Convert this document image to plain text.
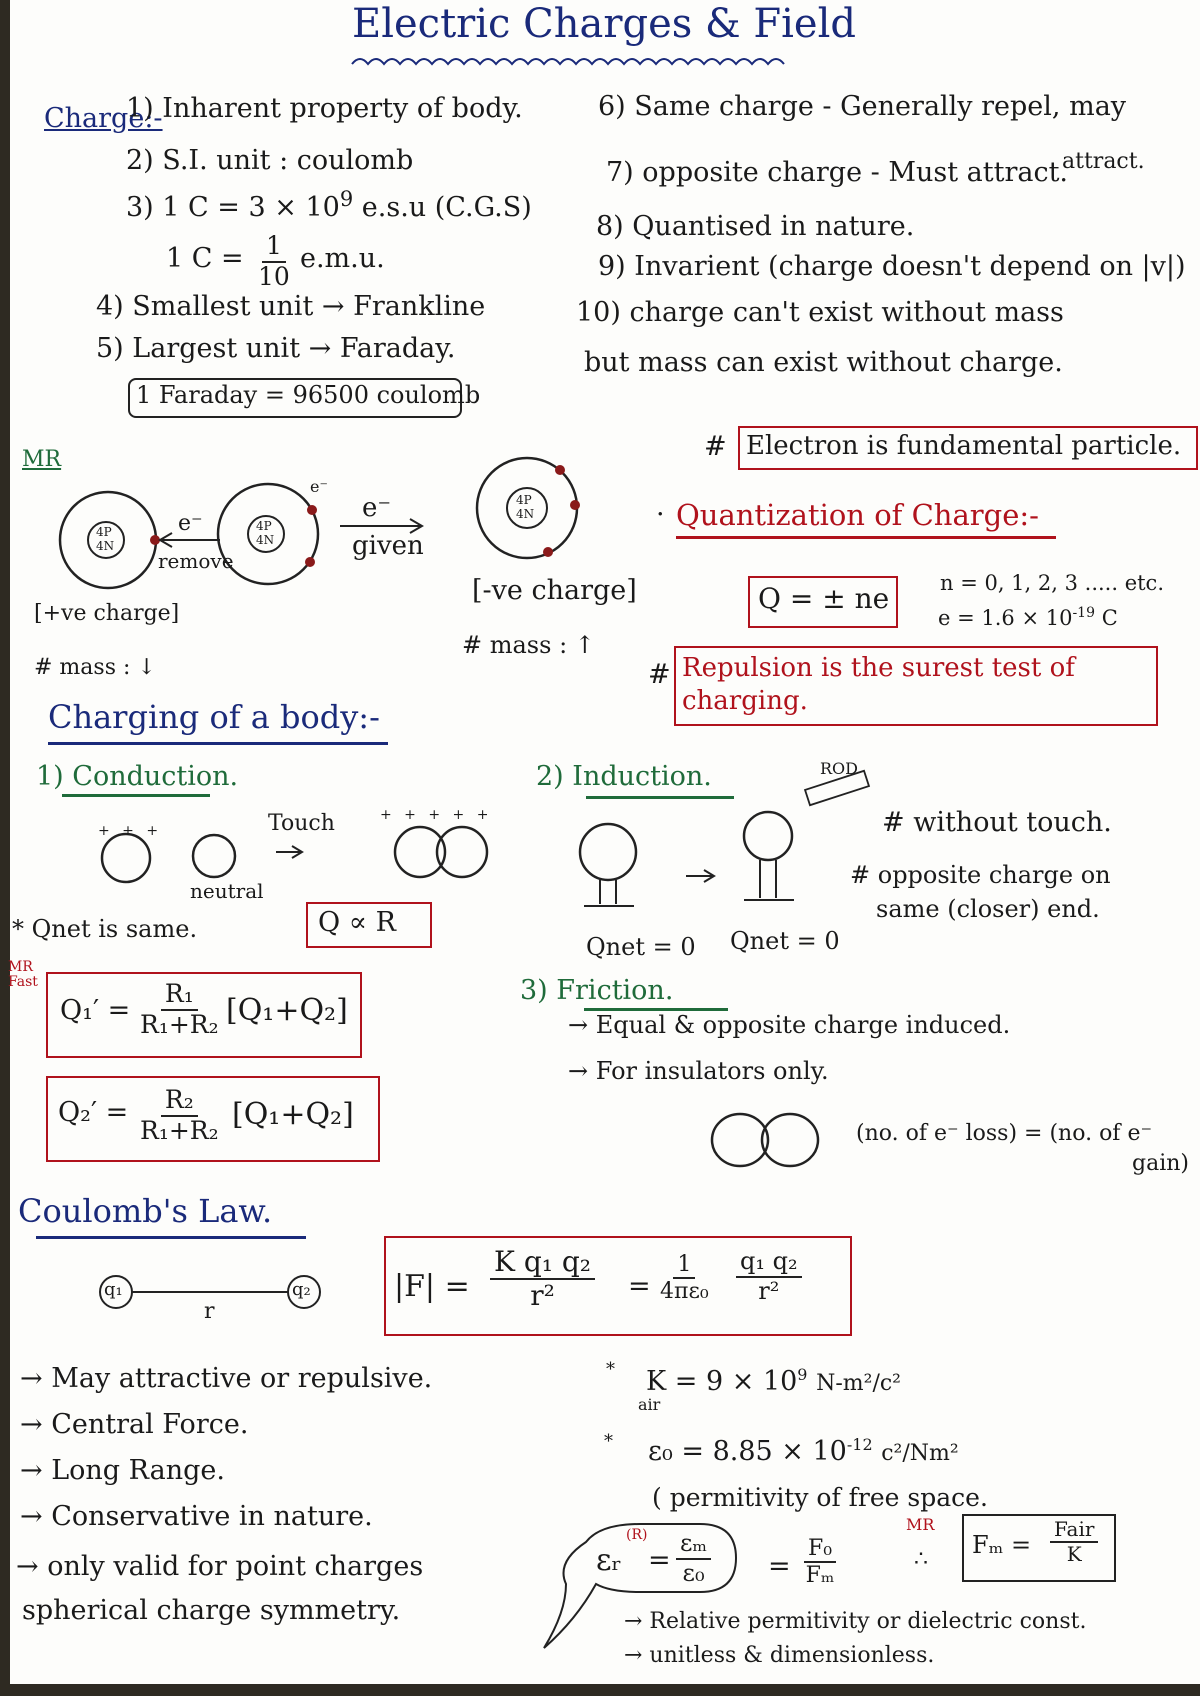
Electric Charges & Field
Charge:-
1) Inharent property of body.
2) S.I. unit : coulomb
3) 1 $C = 3 \times 10^9$ e.s.u (C.G.S)
1 $C = \frac{1}{10} e.m.u$.
4) Smallest unit → Frankline
5) Largest unit → Faraday.
1 Faraday = 96500 coulomb
6) Same charge - Generally repel, may
attract.
7) opposite charge - Must attract.
8) Quantised in nature.
9) Invarient (charge doesn't depend on |v|)
10) charge can't exist without mass
but mass can exist without charge.
MR	# Electron is fundamental particle.
4P
4N
4P
4N
4P
4N
e⁻
e⁻
remove
e⁻
given
[+ve charge]
[-ve charge]
# mass : ↓
# mass : ↑
Quantization of Charge:-
·
Q = ± ne n = 0, 1, 2, 3 ..... etc.
$e = 1.6 \times 10^{-19}$ C
# Repulsion is the surest test of charging.
Charging of a body:-
1) Conduction.
+ + +
+ + + + +
Touch
neutral
* Qnet is same.	Q ∝ R
MR Fast
$Q_1' = \frac{\text{R₁}}{\text{R₁+R₂}} [Q_1+Q_2]$
$Q_2' = \frac{\text{R₂}}{\text{R₁+R₂}} [Q_1+Q_2]$
2) Induction.	ROD
Qnet = 0 Qnet = 0
# without touch.
# opposite charge on
same (closer) end.
3) Friction.
→ Equal & opposite charge induced.
→ For insulators only.
(no. of e⁻ loss) = (no. of e⁻
gain)
Coulomb's Law.
q₁	q₂
r
$|F| = \frac{\text{K q₁ q₂}}{\text{r²}} = \frac{1}{\text{4πε₀}} \frac{\text{q₁ q₂}}{\text{r²}}$
→ May attractive or repulsive.
→ Central Force.
→ Long Range.
→ Conservative in nature.
→ only valid for point charges
spherical charge symmetry.
* $K = 9 \times 10^9$ N-m²/c²
air
* $\varepsilon_0 = 8.85 \times 10^{-12}$ c²/Nm²
( permitivity of free space.
εᵣ
(R)
= $\frac{\text{εₘ}}{\text{ε₀}} = \frac{\text{F₀}}{\text{Fₘ}}$	∴
MR
Fₘ =
Fair
K
→ Relative permitivity or dielectric const.
→ unitless & dimensionless.
